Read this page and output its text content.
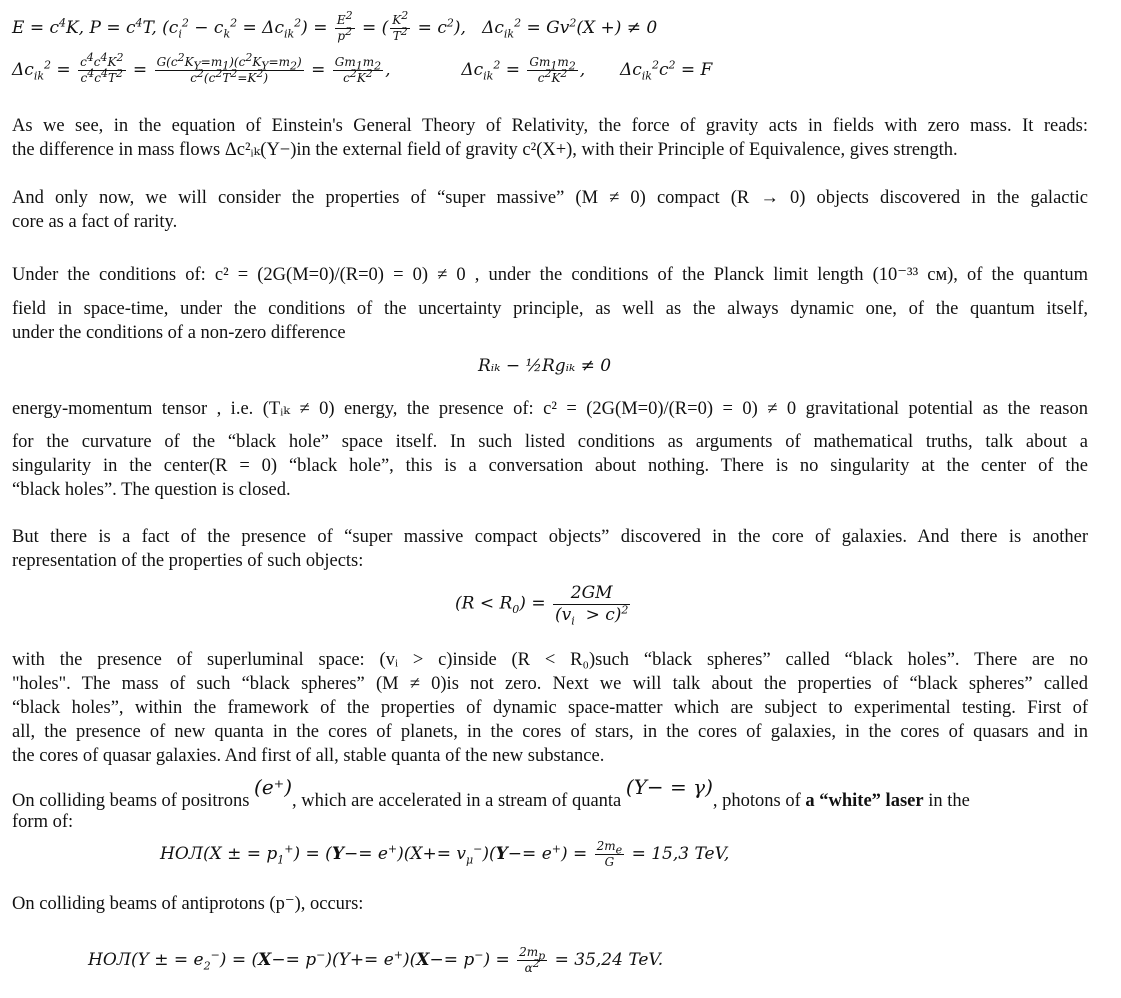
$E = c^4K$, $P = c^4T$, $(c_i^2 - c_k^2 = \Delta c_{ik}^2) = \frac{E^2}{p^2}$ = ( $\frac{K^2}{T^2} = c^2$),   $\Delta c_{ik}^2 = Gv^2(X$ +) ≠ 0
$\Delta c_{ik}^2 = \frac{c^4c^4K^2}{c^4c^4T^2} = \frac{G(c^2K_Y=m_1)(c^2K_Y=m_2)}{c^2(c^2T^2=K^2)} = \frac{Gm_1m_2}{c^2K^2}$ ,	$\Delta c_{ik}^2 = \frac{Gm_1m_2}{c^2K^2}$ ,  $\Delta c_{ik}^2c^2 = F$
As we see, in the equation of Einstein's General Theory of Relativity, the force of gravity acts in fields with zero mass. It reads:
the difference in mass flows Δc²ᵢₖ(Y−)in the external field of gravity c²(X+), with their Principle of Equivalence, gives strength.
And only now, we will consider the properties of “super massive” (M ≠ 0) compact (R → 0) objects discovered in the galactic
core as a fact of rarity.
Under the conditions of: c² = (2G(M=0)/(R=0) = 0) ≠ 0 , under the conditions of the Planck limit length (10⁻³³ см), of the quantum
field in space-time, under the conditions of the uncertainty principle, as well as the always dynamic one, of the quantum itself,
under the conditions of a non-zero difference
Rᵢₖ − ½Rgᵢₖ ≠ 0
energy-momentum tensor , i.e. (Tᵢₖ ≠ 0) energy, the presence of: c² = (2G(M=0)/(R=0) = 0) ≠ 0 gravitational potential as the reason
for the curvature of the “black hole” space itself. In such listed conditions as arguments of mathematical truths, talk about a
singularity in the center(R = 0) “black hole”, this is a conversation about nothing. There is no singularity at the center of the
“black holes”. The question is closed.
But there is a fact of the presence of “super massive compact objects” discovered in the core of galaxies. And there is another
representation of the properties of such objects:
$(R < R_0) = \frac{2GM}{(v_i > c)^2}$
with the presence of superluminal space: (vᵢ > c)inside (R < R₀)such “black spheres” called “black holes”. There are no
"holes". The mass of such “black spheres” (M ≠ 0)is not zero. Next we will talk about the properties of “black spheres” called
“black holes”, within the framework of the properties of dynamic space-matter which are subject to experimental testing. First of
all, the presence of new quanta in the cores of planets, in the cores of stars, in the cores of galaxies, in the cores of quasars and in
the cores of quasar galaxies. And first of all, stable quanta of the new substance.
On colliding beams of positrons (e⁺), which are accelerated in a stream of quanta (Y− = γ), photons of a “white” laser in the
form of:
НОЛ(X ± = $p_1^+) = (Y-= e^+)(X+= v_\mu^-)(Y-= e^+) = \frac{2m_e}{G} = 15,3$ TeV,
On colliding beams of antiprotons (p⁻), occurs:
НОЛ(Y ± = $e_2^-) = (X-= p^-)(Y+= e^+)(X-= p^-) = \frac{2m_p}{\alpha^2} = 35,24$ TeV.
